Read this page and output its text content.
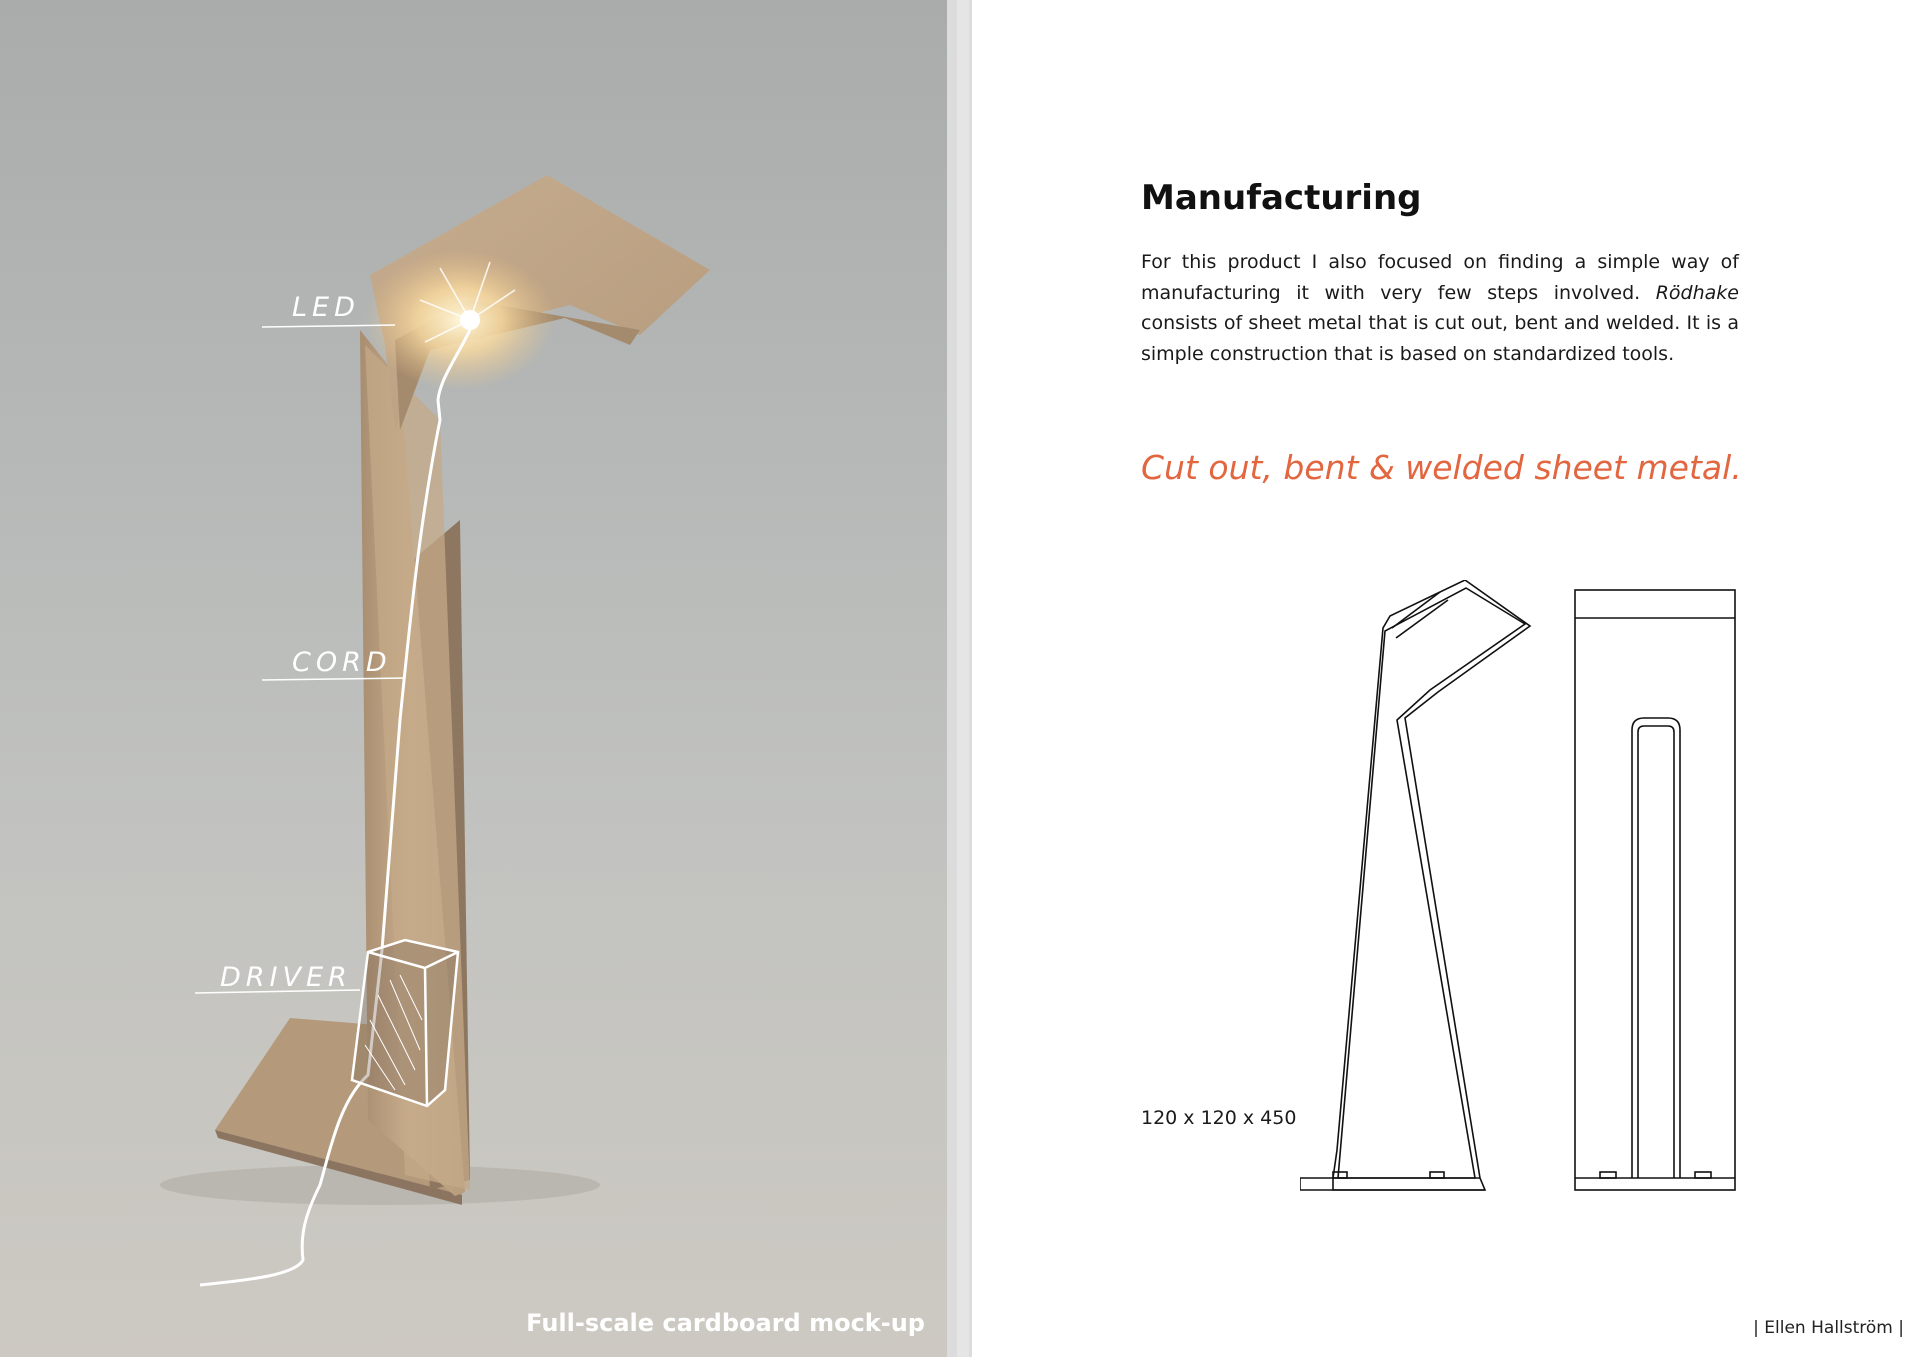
LED
CORD
DRIVER
Full-scale cardboard mock-up
Manufacturing
For this product I also focused on finding a simple way of manufacturing it with very few steps involved. Rödhake consists of sheet metal that is cut out, bent and welded. It is a simple construction that is based on standardized tools.
Cut out, bent & welded sheet metal.
120 x 120 x 450
| Ellen Hallström |
